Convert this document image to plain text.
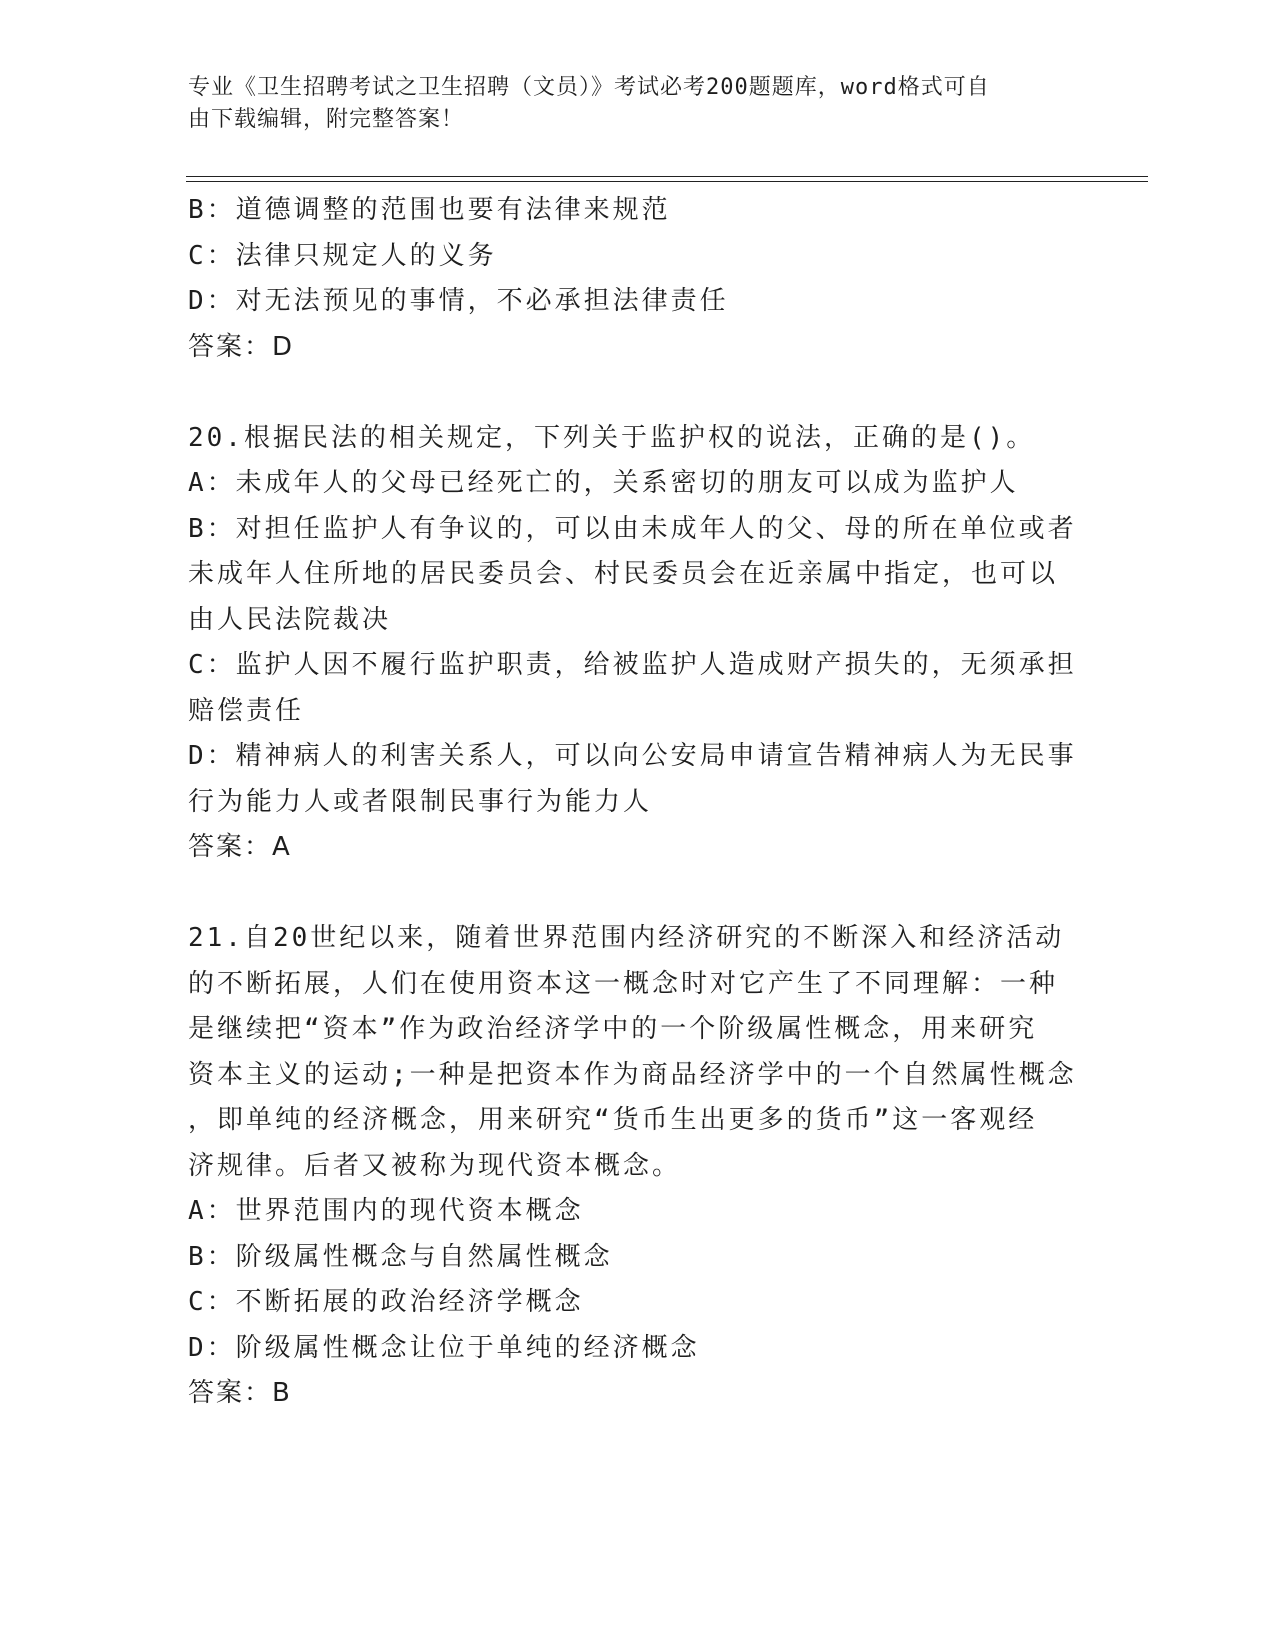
专业《卫生招聘考试之卫生招聘（文员）》考试必考200题题库，word格式可自

由下载编辑，附完整答案！

B：道德调整的范围也要有法律来规范

C：法律只规定人的义务

D：对无法预见的事情，不必承担法律责任

答案：D

20.根据民法的相关规定，下列关于监护权的说法，正确的是()。

A：未成年人的父母已经死亡的，关系密切的朋友可以成为监护人

B：对担任监护人有争议的，可以由未成年人的父、母的所在单位或者

未成年人住所地的居民委员会、村民委员会在近亲属中指定，也可以

由人民法院裁决

C：监护人因不履行监护职责，给被监护人造成财产损失的，无须承担

赔偿责任

D：精神病人的利害关系人，可以向公安局申请宣告精神病人为无民事

行为能力人或者限制民事行为能力人

答案：A

21.自20世纪以来，随着世界范围内经济研究的不断深入和经济活动

的不断拓展，人们在使用资本这一概念时对它产生了不同理解：一种

是继续把“资本”作为政治经济学中的一个阶级属性概念，用来研究

资本主义的运动;一种是把资本作为商品经济学中的一个自然属性概念

，即单纯的经济概念，用来研究“货币生出更多的货币”这一客观经

济规律。后者又被称为现代资本概念。

A：世界范围内的现代资本概念

B：阶级属性概念与自然属性概念

C：不断拓展的政治经济学概念

D：阶级属性概念让位于单纯的经济概念

答案：B
